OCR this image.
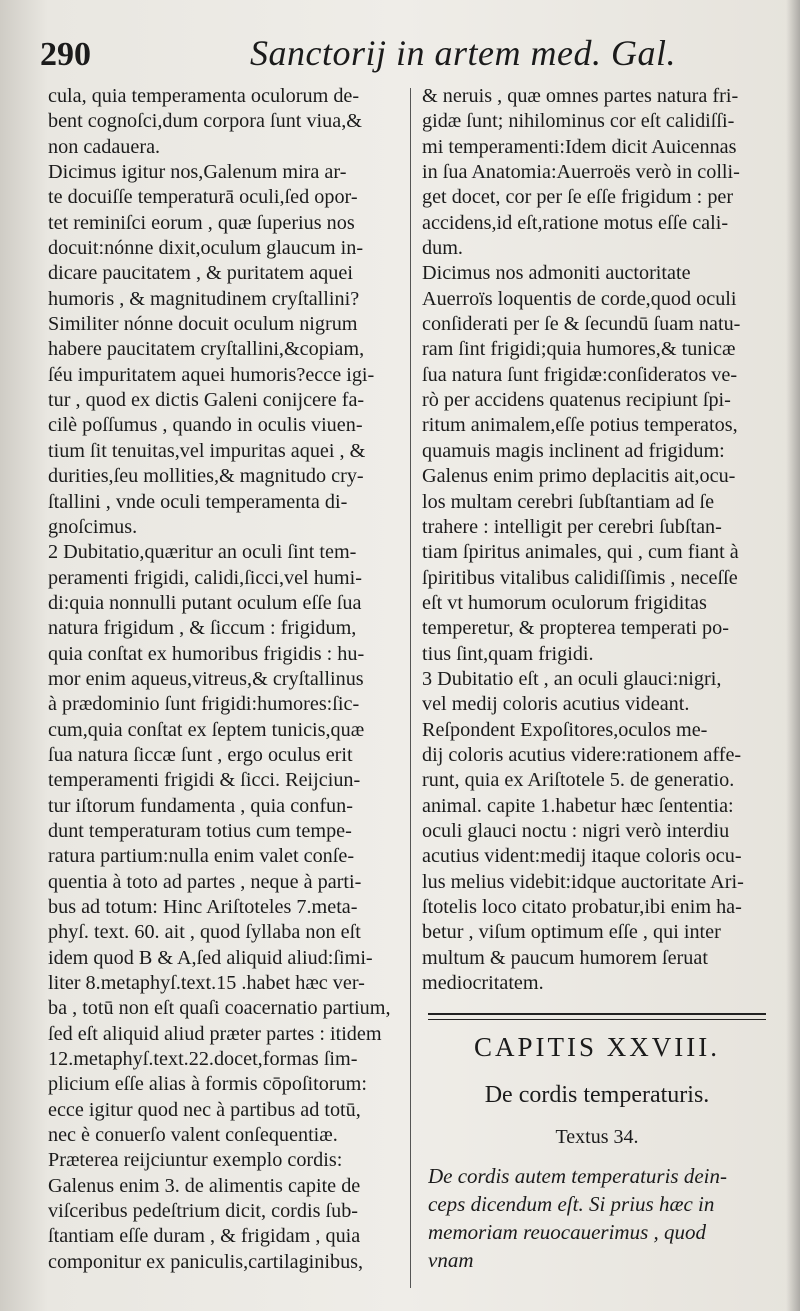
290	Sanctorij in artem med. Gal.
cula, quia temperamenta oculorum de-
bent cognoſci,dum corpora ſunt viua,&
non cadauera.
Dicimus igitur nos,Galenum mira ar-
te docuiſſe temperaturā oculi,ſed opor-
tet reminiſci eorum , quæ ſuperius nos
docuit:nónne dixit,oculum glaucum in-
dicare paucitatem , & puritatem aquei
humoris , & magnitudinem cryſtallini?
Similiter nónne docuit oculum nigrum
habere paucitatem cryſtallini,&copiam,
ſéu impuritatem aquei humoris?ecce igi-
tur , quod ex dictis Galeni conijcere fa-
cilè poſſumus , quando in oculis viuen-
tium ſit tenuitas,vel impuritas aquei , &
durities,ſeu mollities,& magnitudo cry-
ſtallini , vnde oculi temperamenta di-
gnoſcimus.
2 Dubitatio,quæritur an oculi ſint tem-
peramenti frigidi, calidi,ſicci,vel humi-
di:quia nonnulli putant oculum eſſe ſua
natura frigidum , & ſiccum : frigidum,
quia conſtat ex humoribus frigidis : hu-
mor enim aqueus,vitreus,& cryſtallinus
à prædominio ſunt frigidi:humores:ſic-
cum,quia conſtat ex ſeptem tunicis,quæ
ſua natura ſiccæ ſunt , ergo oculus erit
temperamenti frigidi & ſicci. Reijciun-
tur iſtorum fundamenta , quia confun-
dunt temperaturam totius cum tempe-
ratura partium:nulla enim valet conſe-
quentia à toto ad partes , neque à parti-
bus ad totum: Hinc Ariſtoteles 7.meta-
phyſ. text. 60. ait , quod ſyllaba non eſt
idem quod B & A,ſed aliquid aliud:ſimi-
liter 8.metaphyſ.text.15 .habet hæc ver-
ba , totū non eſt quaſi coacernatio partium,
ſed eſt aliquid aliud præter partes : itidem
12.metaphyſ.text.22.docet,formas ſim-
plicium eſſe alias à formis cōpoſitorum:
ecce igitur quod nec à partibus ad totū,
nec è conuerſo valent conſequentiæ.
Præterea reijciuntur exemplo cordis:
Galenus enim 3. de alimentis capite de
viſceribus pedeſtrium dicit, cordis ſub-
ſtantiam eſſe duram , & frigidam , quia
componitur ex paniculis,cartilaginibus,
& neruis , quæ omnes partes natura fri-
gidæ ſunt; nihilominus cor eſt calidiſſi-
mi temperamenti:Idem dicit Auicennas
in ſua Anatomia:Auerroës verò in colli-
get docet, cor per ſe eſſe frigidum : per
accidens,id eſt,ratione motus eſſe cali-
dum.
Dicimus nos admoniti auctoritate
Auerroïs loquentis de corde,quod oculi
conſiderati per ſe & ſecundū ſuam natu-
ram ſint frigidi;quia humores,& tunicæ
ſua natura ſunt frigidæ:conſideratos ve-
rò per accidens quatenus recipiunt ſpi-
ritum animalem,eſſe potius temperatos,
quamuis magis inclinent ad frigidum:
Galenus enim primo deplacitis ait,ocu-
los multam cerebri ſubſtantiam ad ſe
trahere : intelligit per cerebri ſubſtan-
tiam ſpiritus animales, qui , cum fiant à
ſpiritibus vitalibus calidiſſimis , neceſſe
eſt vt humorum oculorum frigiditas
temperetur, & propterea temperati po-
tius ſint,quam frigidi.
3 Dubitatio eſt , an oculi glauci:nigri,
vel medij coloris acutius videant.
Reſpondent Expoſitores,oculos me-
dij coloris acutius videre:rationem affe-
runt, quia ex Ariſtotele 5. de generatio.
animal. capite 1.habetur hæc ſententia:
oculi glauci noctu : nigri verò interdiu
acutius vident:medij itaque coloris ocu-
lus melius videbit:idque auctoritate Ari-
ſtotelis loco citato probatur,ibi enim ha-
betur , viſum optimum eſſe , qui inter
multum & paucum humorem ſeruat
mediocritatem.
CAPITIS XXVIII.
De cordis temperaturis.
Textus 34.
De cordis autem temperaturis dein-
ceps dicendum eſt. Si prius hæc in
memoriam reuocauerimus , quod
vnam
